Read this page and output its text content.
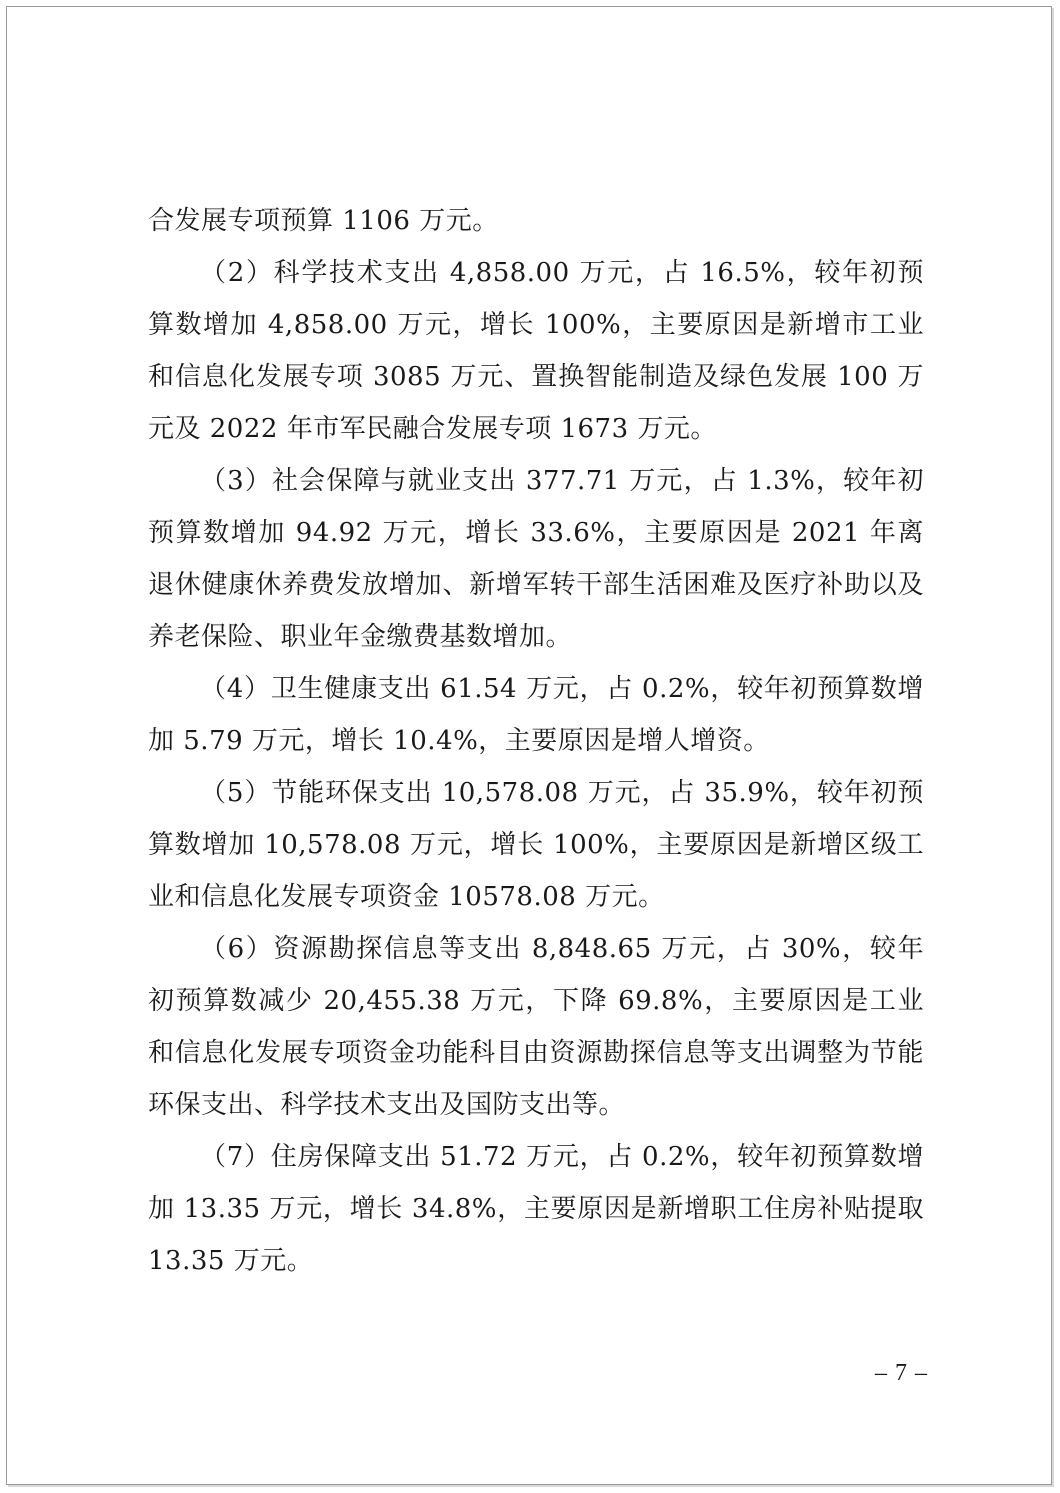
合发展专项预算 1106 万元。

（2）科学技术支出 4,858.00 万元，占 16.5%，较年初预算数增加 4,858.00 万元，增长 100%，主要原因是新增市工业和信息化发展专项 3085 万元、置换智能制造及绿色发展 100 万元及 2022 年市军民融合发展专项 1673 万元。

（3）社会保障与就业支出 377.71 万元，占 1.3%，较年初预算数增加 94.92 万元，增长 33.6%，主要原因是 2021 年离退休健康休养费发放增加、新增军转干部生活困难及医疗补助以及养老保险、职业年金缴费基数增加。

（4）卫生健康支出 61.54 万元，占 0.2%，较年初预算数增加 5.79 万元，增长 10.4%，主要原因是增人增资。

（5）节能环保支出 10,578.08 万元，占 35.9%，较年初预算数增加 10,578.08 万元，增长 100%，主要原因是新增区级工业和信息化发展专项资金 10578.08 万元。

（6）资源勘探信息等支出 8,848.65 万元，占 30%，较年初预算数减少 20,455.38 万元，下降 69.8%，主要原因是工业和信息化发展专项资金功能科目由资源勘探信息等支出调整为节能环保支出、科学技术支出及国防支出等。

（7）住房保障支出 51.72 万元，占 0.2%，较年初预算数增加 13.35 万元，增长 34.8%，主要原因是新增职工住房补贴提取 13.35 万元。

– 7 –
